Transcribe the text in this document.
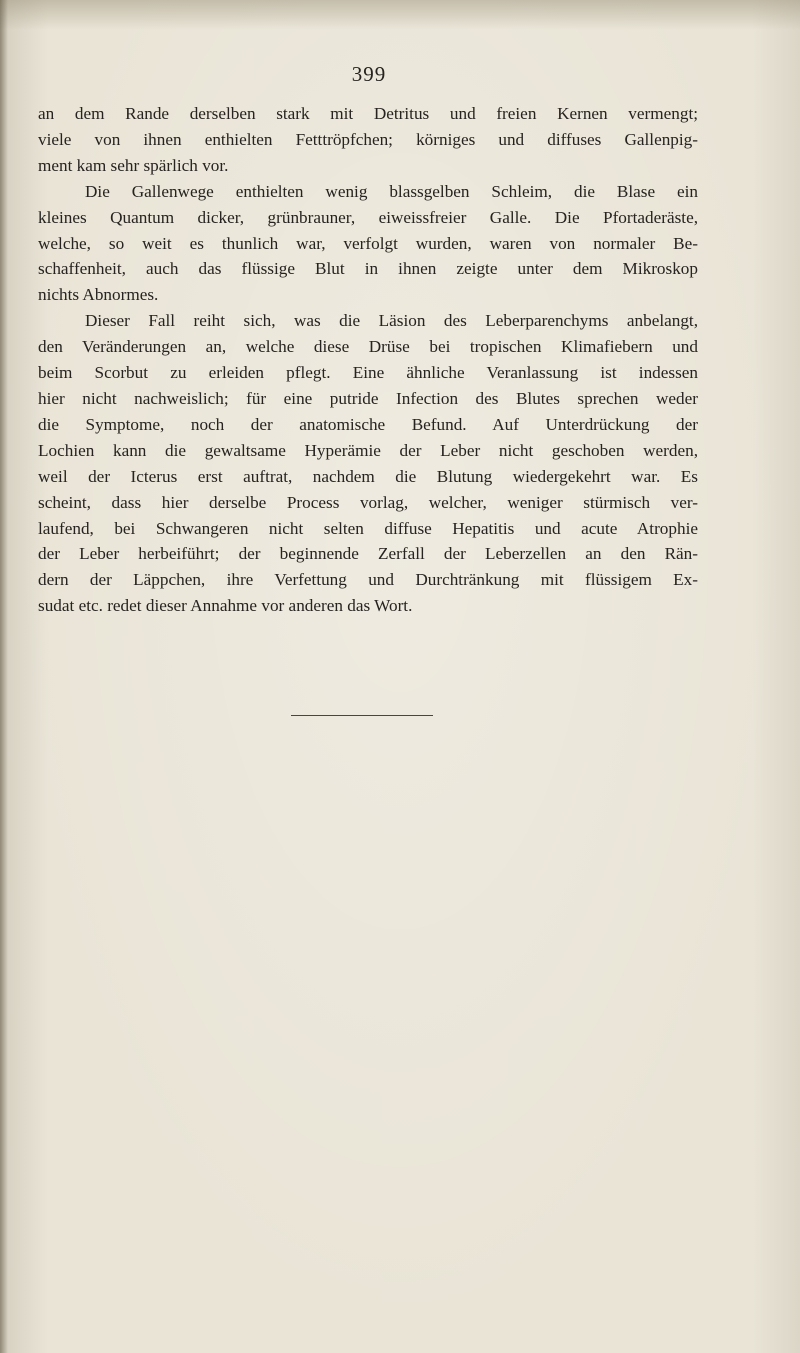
399

an dem Rande derselben stark mit Detritus und freien Kernen vermengt;
viele von ihnen enthielten Fetttröpfchen; körniges und diffuses Gallenpig-
ment kam sehr spärlich vor.

Die Gallenwege enthielten wenig blassgelben Schleim, die Blase ein
kleines Quantum dicker, grünbrauner, eiweissfreier Galle. Die Pfortaderäste,
welche, so weit es thunlich war, verfolgt wurden, waren von normaler Be-
schaffenheit, auch das flüssige Blut in ihnen zeigte unter dem Mikroskop
nichts Abnormes.

Dieser Fall reiht sich, was die Läsion des Leberparenchyms anbelangt,
den Veränderungen an, welche diese Drüse bei tropischen Klimafiebern und
beim Scorbut zu erleiden pflegt. Eine ähnliche Veranlassung ist indessen
hier nicht nachweislich; für eine putride Infection des Blutes sprechen weder
die Symptome, noch der anatomische Befund. Auf Unterdrückung der
Lochien kann die gewaltsame Hyperämie der Leber nicht geschoben werden,
weil der Icterus erst auftrat, nachdem die Blutung wiedergekehrt war. Es
scheint, dass hier derselbe Process vorlag, welcher, weniger stürmisch ver-
laufend, bei Schwangeren nicht selten diffuse Hepatitis und acute Atrophie
der Leber herbeiführt; der beginnende Zerfall der Leberzellen an den Rän-
dern der Läppchen, ihre Verfettung und Durchtränkung mit flüssigem Ex-
sudat etc. redet dieser Annahme vor anderen das Wort.
